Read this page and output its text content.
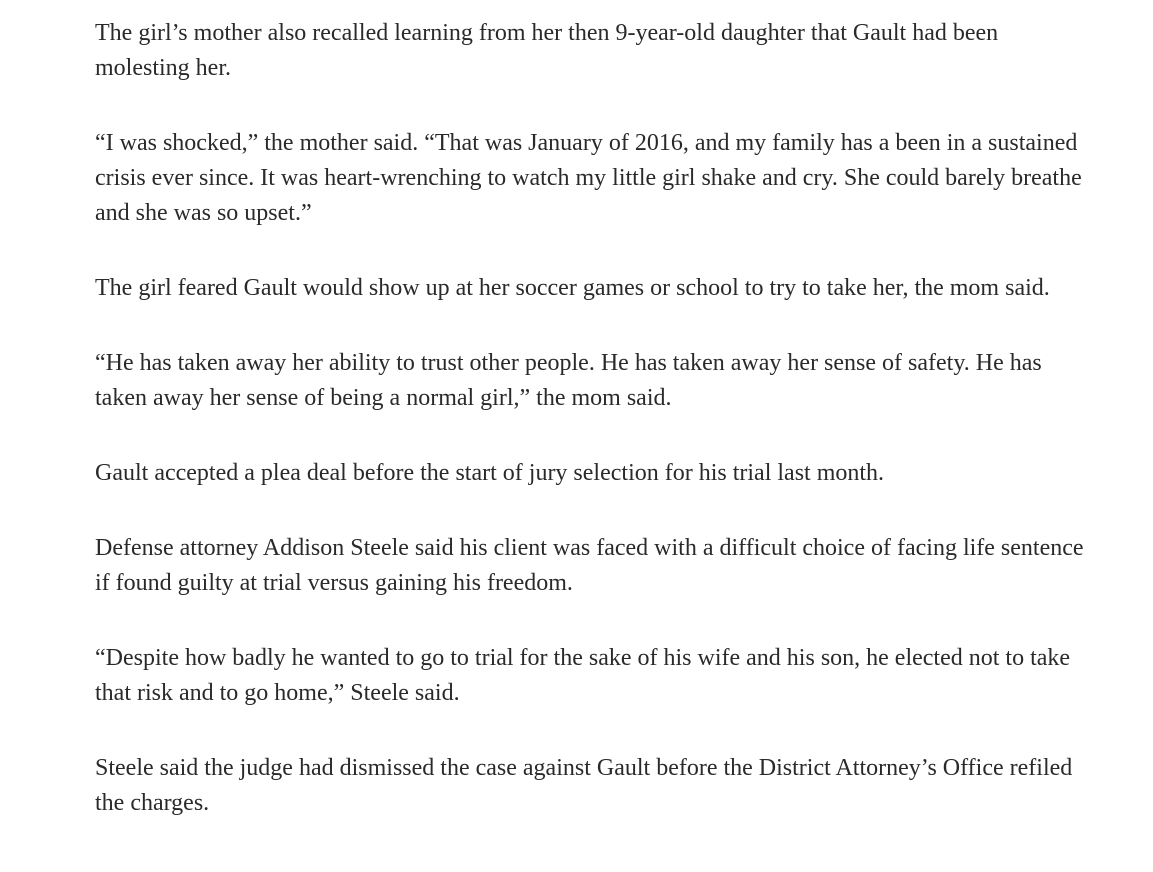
The girl’s mother also recalled learning from her then 9-year-old daughter that Gault had been molesting her.

“I was shocked,” the mother said. “That was January of 2016, and my family has a been in a sustained crisis ever since. It was heart-wrenching to watch my little girl shake and cry. She could barely breathe and she was so upset.”

The girl feared Gault would show up at her soccer games or school to try to take her, the mom said.

“He has taken away her ability to trust other people. He has taken away her sense of safety. He has taken away her sense of being a normal girl,” the mom said.

Gault accepted a plea deal before the start of jury selection for his trial last month.

Defense attorney Addison Steele said his client was faced with a difficult choice of facing life sentence if found guilty at trial versus gaining his freedom.

“Despite how badly he wanted to go to trial for the sake of his wife and his son, he elected not to take that risk and to go home,” Steele said.

Steele said the judge had dismissed the case against Gault before the District Attorney’s Office refiled the charges.
